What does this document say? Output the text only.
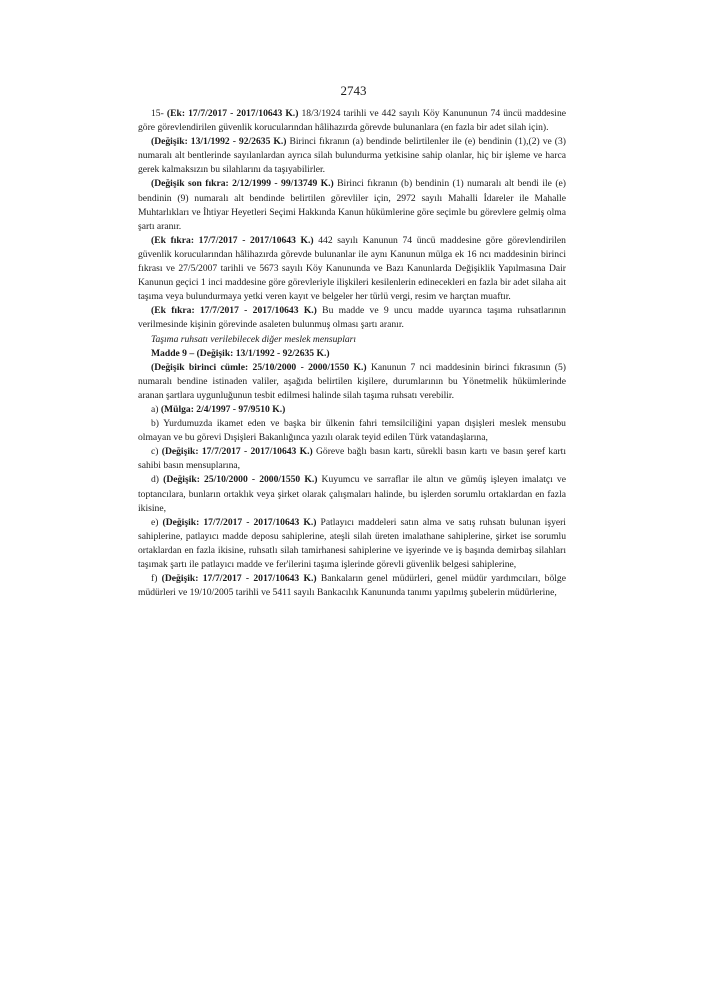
2743

15- (Ek: 17/7/2017 - 2017/10643 K.) 18/3/1924 tarihli ve 442 sayılı Köy Kanununun 74 üncü maddesine göre görevlendirilen güvenlik korucularından hâlihazırda görevde bulunanlara (en fazla bir adet silah için).

(Değişik: 13/1/1992 - 92/2635 K.) Birinci fıkranın (a) bendinde belirtilenler ile (e) bendinin (1),(2) ve (3) numaralı alt bentlerinde sayılanlardan ayrıca silah bulundurma yetkisine sahip olanlar, hiç bir işleme ve harca gerek kalmaksızın bu silahlarını da taşıyabilirler.

(Değişik son fıkra: 2/12/1999 - 99/13749 K.) Birinci fıkranın (b) bendinin (1) numaralı alt bendi ile (e) bendinin (9) numaralı alt bendinde belirtilen görevliler için, 2972 sayılı Mahalli İdareler ile Mahalle Muhtarlıkları ve İhtiyar Heyetleri Seçimi Hakkında Kanun hükümlerine göre seçimle bu görevlere gelmiş olma şartı aranır.

(Ek fıkra: 17/7/2017 - 2017/10643 K.) 442 sayılı Kanunun 74 üncü maddesine göre görevlendirilen güvenlik korucularından hâlihazırda görevde bulunanlar ile aynı Kanunun mülga ek 16 ncı maddesinin birinci fıkrası ve 27/5/2007 tarihli ve 5673 sayılı Köy Kanununda ve Bazı Kanunlarda Değişiklik Yapılmasına Dair Kanunun geçici 1 inci maddesine göre görevleriyle ilişkileri kesilenlerin edinecekleri en fazla bir adet silaha ait taşıma veya bulundurmaya yetki veren kayıt ve belgeler her türlü vergi, resim ve harçtan muaftır.

(Ek fıkra: 17/7/2017 - 2017/10643 K.) Bu madde ve 9 uncu madde uyarınca taşıma ruhsatlarının verilmesinde kişinin görevinde asaleten bulunmuş olması şartı aranır.

Taşıma ruhsatı verilebilecek diğer meslek mensupları

Madde 9 – (Değişik: 13/1/1992 - 92/2635 K.)

(Değişik birinci cümle: 25/10/2000 - 2000/1550 K.) Kanunun 7 nci maddesinin birinci fıkrasının (5) numaralı bendine istinaden valiler, aşağıda belirtilen kişilere, durumlarının bu Yönetmelik hükümlerinde aranan şartlara uygunluğunun tesbit edilmesi halinde silah taşıma ruhsatı verebilir.

a) (Mülga: 2/4/1997 - 97/9510 K.)

b) Yurdumuzda ikamet eden ve başka bir ülkenin fahri temsilciliğini yapan dışişleri meslek mensubu olmayan ve bu görevi Dışişleri Bakanlığınca yazılı olarak teyid edilen Türk vatandaşlarına,

c) (Değişik: 17/7/2017 - 2017/10643 K.) Göreve bağlı basın kartı, sürekli basın kartı ve basın şeref kartı sahibi basın mensuplarına,

d) (Değişik: 25/10/2000 - 2000/1550 K.) Kuyumcu ve sarraflar ile altın ve gümüş işleyen imalatçı ve toptancılara, bunların ortaklık veya şirket olarak çalışmaları halinde, bu işlerden sorumlu ortaklardan en fazla ikisine,

e) (Değişik: 17/7/2017 - 2017/10643 K.) Patlayıcı maddeleri satın alma ve satış ruhsatı bulunan işyeri sahiplerine, patlayıcı madde deposu sahiplerine, ateşli silah üreten imalathane sahiplerine, şirket ise sorumlu ortaklardan en fazla ikisine, ruhsatlı silah tamirhanesi sahiplerine ve işyerinde ve iş başında demirbaş silahları taşımak şartı ile patlayıcı madde ve fer'ilerini taşıma işlerinde görevli güvenlik belgesi sahiplerine,

f) (Değişik: 17/7/2017 - 2017/10643 K.) Bankaların genel müdürleri, genel müdür yardımcıları, bölge müdürleri ve 19/10/2005 tarihli ve 5411 sayılı Bankacılık Kanununda tanımı yapılmış şubelerin müdürlerine,
